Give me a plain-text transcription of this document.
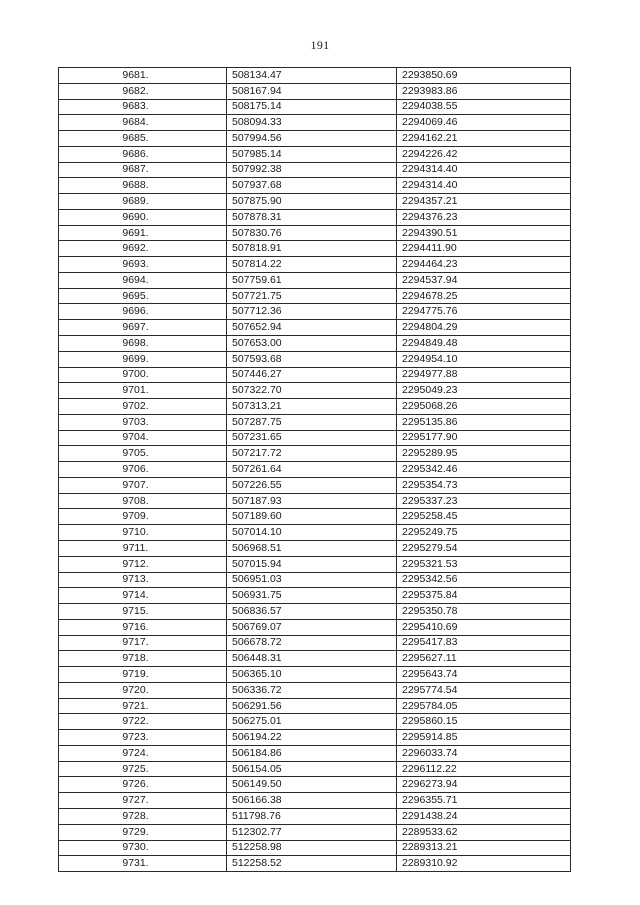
191
9681.	508134.47	2293850.69
9682.	508167.94	2293983.86
9683.	508175.14	2294038.55
9684.	508094.33	2294069.46
9685.	507994.56	2294162.21
9686.	507985.14	2294226.42
9687.	507992.38	2294314.40
9688.	507937.68	2294314.40
9689.	507875.90	2294357.21
9690.	507878.31	2294376.23
9691.	507830.76	2294390.51
9692.	507818.91	2294411.90
9693.	507814.22	2294464.23
9694.	507759.61	2294537.94
9695.	507721.75	2294678.25
9696.	507712.36	2294775.76
9697.	507652.94	2294804.29
9698.	507653.00	2294849.48
9699.	507593.68	2294954.10
9700.	507446.27	2294977.88
9701.	507322.70	2295049.23
9702.	507313.21	2295068.26
9703.	507287.75	2295135.86
9704.	507231.65	2295177.90
9705.	507217.72	2295289.95
9706.	507261.64	2295342.46
9707.	507226.55	2295354.73
9708.	507187.93	2295337.23
9709.	507189.60	2295258.45
9710.	507014.10	2295249.75
9711.	506968.51	2295279.54
9712.	507015.94	2295321.53
9713.	506951.03	2295342.56
9714.	506931.75	2295375.84
9715.	506836.57	2295350.78
9716.	506769.07	2295410.69
9717.	506678.72	2295417.83
9718.	506448.31	2295627.11
9719.	506365.10	2295643.74
9720.	506336.72	2295774.54
9721.	506291.56	2295784.05
9722.	506275.01	2295860.15
9723.	506194.22	2295914.85
9724.	506184.86	2296033.74
9725.	506154.05	2296112.22
9726.	506149.50	2296273.94
9727.	506166.38	2296355.71
9728.	511798.76	2291438.24
9729.	512302.77	2289533.62
9730.	512258.98	2289313.21
9731.	512258.52	2289310.92
